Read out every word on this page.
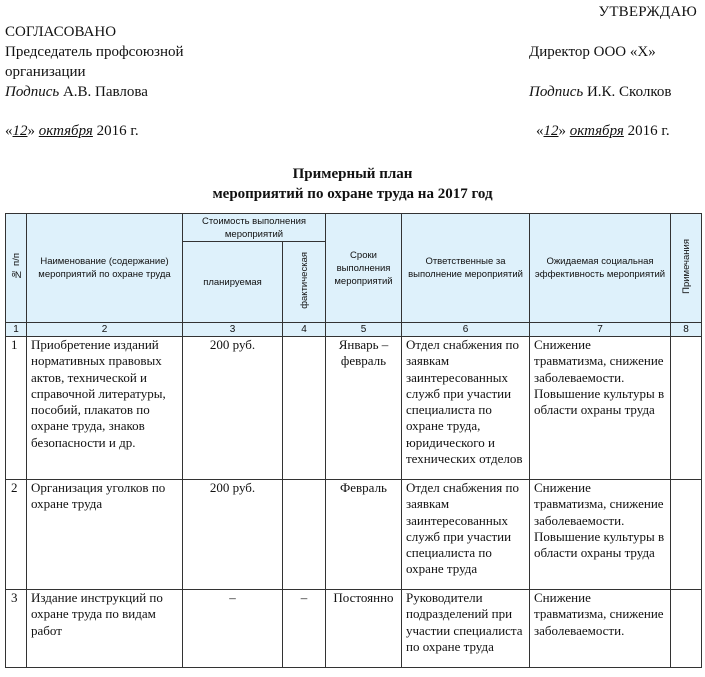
УТВЕРЖДАЮ
СОГЛАСОВАНО
Председатель профсоюзной
организации
Подпись А.В. Павлова
Директор ООО «Х»
Подпись И.К. Сколков
«12» октября 2016 г.	«12» октября 2016 г.
Примерный план
мероприятий по охране труда на 2017 год
№ п/п	Наименование (содержание) мероприятий по охране труда	Стоимость выполнения мероприятий		Сроки выполнения мероприятий	Ответственные за выполнение мероприятий	Ожидаемая социальная эффективность мероприятий	Примечания
		планируемая	фактическая				
1	2	3	4	5	6	7	8
1	Приобретение изданий нормативных правовых актов, технической и справочной литературы, пособий, плакатов по охране труда, знаков безопасности и др.	200 руб.		Январь – февраль	Отдел снабжения по заявкам заинтересованных служб при участии специалиста по охране труда, юридического и технических отделов	Снижение травматизма, снижение заболеваемости. Повышение культуры в области охраны труда	
2	Организация уголков по охране труда	200 руб.		Февраль	Отдел снабжения по заявкам заинтересованных служб при участии специалиста по охране труда	Снижение травматизма, снижение заболеваемости. Повышение культуры в области охраны труда	
3	Издание инструкций по охране труда по видам работ	–	–	Постоянно	Руководители подразделений при участии специалиста по охране труда	Снижение травматизма, снижение заболеваемости.	
